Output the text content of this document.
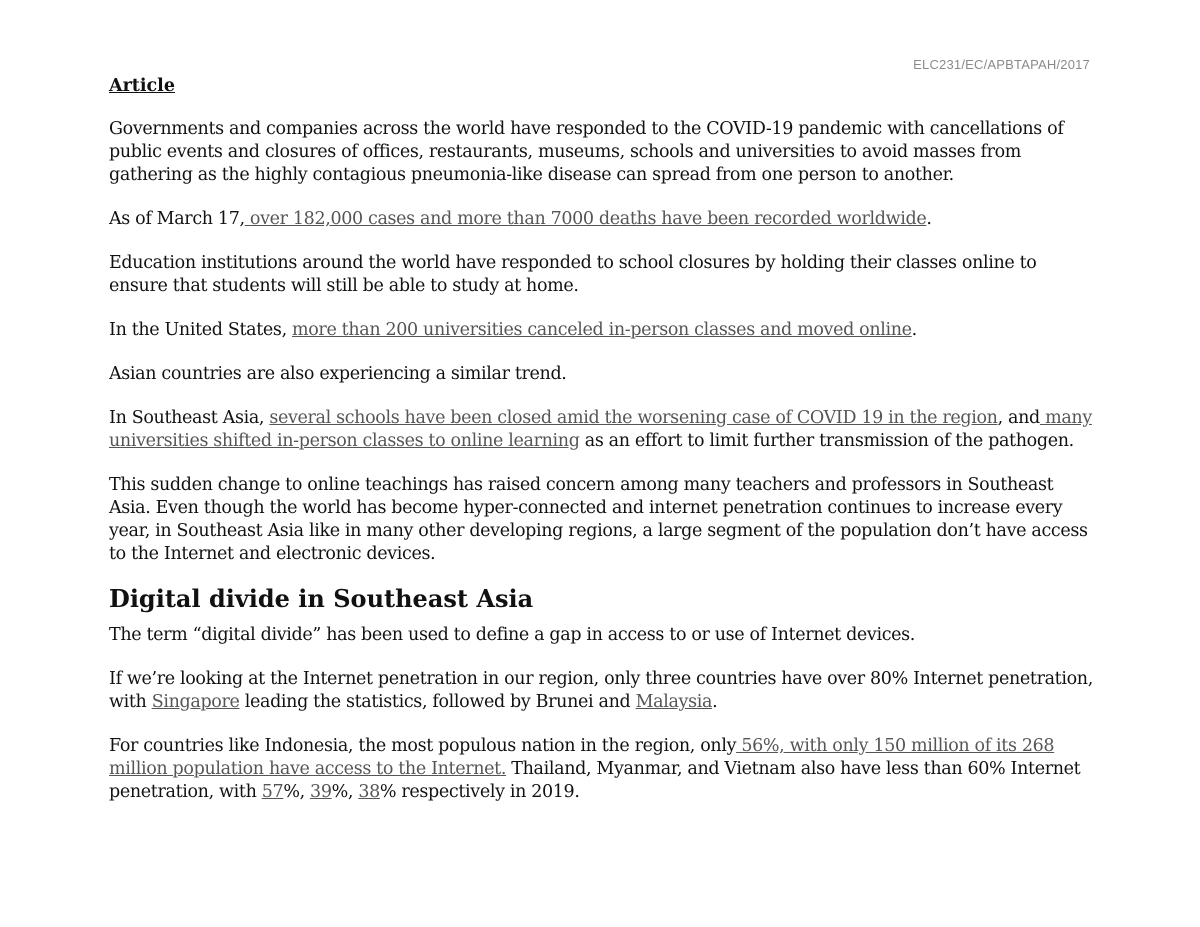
ELC231/EC/APBTAPAH/2017
Article

Governments and companies across the world have responded to the COVID-19 pandemic with cancellations of public events and closures of offices, restaurants, museums, schools and universities to avoid masses from gathering as the highly contagious pneumonia-like disease can spread from one person to another.

As of March 17, over 182,000 cases and more than 7000 deaths have been recorded worldwide.

Education institutions around the world have responded to school closures by holding their classes online to ensure that students will still be able to study at home.

In the United States, more than 200 universities canceled in-person classes and moved online.

Asian countries are also experiencing a similar trend.

In Southeast Asia, several schools have been closed amid the worsening case of COVID 19 in the region, and many universities shifted in-person classes to online learning as an effort to limit further transmission of the pathogen.

This sudden change to online teachings has raised concern among many teachers and professors in Southeast Asia. Even though the world has become hyper-connected and internet penetration continues to increase every year, in Southeast Asia like in many other developing regions, a large segment of the population don’t have access to the Internet and electronic devices.

Digital divide in Southeast Asia

The term “digital divide” has been used to define a gap in access to or use of Internet devices.

If we’re looking at the Internet penetration in our region, only three countries have over 80% Internet penetration, with Singapore leading the statistics, followed by Brunei and Malaysia.

For countries like Indonesia, the most populous nation in the region, only 56%, with only 150 million of its 268 million population have access to the Internet. Thailand, Myanmar, and Vietnam also have less than 60% Internet penetration, with 57%, 39%, 38% respectively in 2019.
